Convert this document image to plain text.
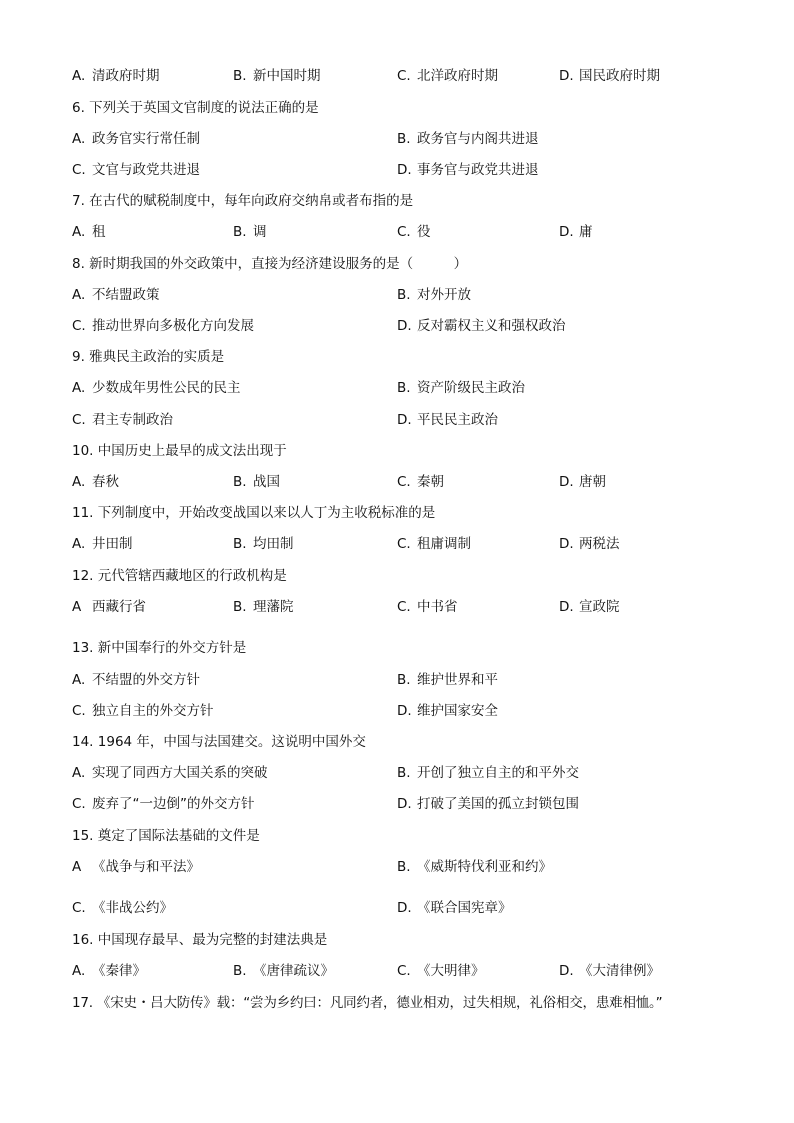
A. 清政府时期	B. 新中国时期	C. 北洋政府时期	D. 国民政府时期
6. 下列关于英国文官制度的说法正确的是
A. 政务官实行常任制	B. 政务官与内阁共进退
C. 文官与政党共进退	D. 事务官与政党共进退
7. 在古代的赋税制度中，每年向政府交纳帛或者布指的是
A. 租	B. 调	C. 役	D. 庸
8. 新时期我国的外交政策中，直接为经济建设服务的是（　　　）
A. 不结盟政策	B. 对外开放
C. 推动世界向多极化方向发展	D. 反对霸权主义和强权政治
9. 雅典民主政治的实质是
A. 少数成年男性公民的民主	B. 资产阶级民主政治
C. 君主专制政治	D. 平民民主政治
10. 中国历史上最早的成文法出现于
A. 春秋	B. 战国	C. 秦朝	D. 唐朝
11. 下列制度中，开始改变战国以来以人丁为主收税标准的是
A. 井田制	B. 均田制	C. 租庸调制	D. 两税法
12. 元代管辖西藏地区的行政机构是
A 西藏行省	B. 理藩院	C. 中书省	D. 宣政院
13. 新中国奉行的外交方针是
A. 不结盟的外交方针	B. 维护世界和平
C. 独立自主的外交方针	D. 维护国家安全
14. 1964 年，中国与法国建交。这说明中国外交
A. 实现了同西方大国关系的突破	B. 开创了独立自主的和平外交
C. 废弃了“一边倒”的外交方针	D. 打破了美国的孤立封锁包围
15. 奠定了国际法基础的文件是
A 《战争与和平法》	B. 《威斯特伐利亚和约》
C. 《非战公约》	D. 《联合国宪章》
16. 中国现存最早、最为完整的封建法典是
A. 《秦律》	B. 《唐律疏议》	C. 《大明律》	D. 《大清律例》
17. 《宋史・吕大防传》载：“尝为乡约曰：凡同约者，德业相劝，过失相规，礼俗相交，患难相恤。”
